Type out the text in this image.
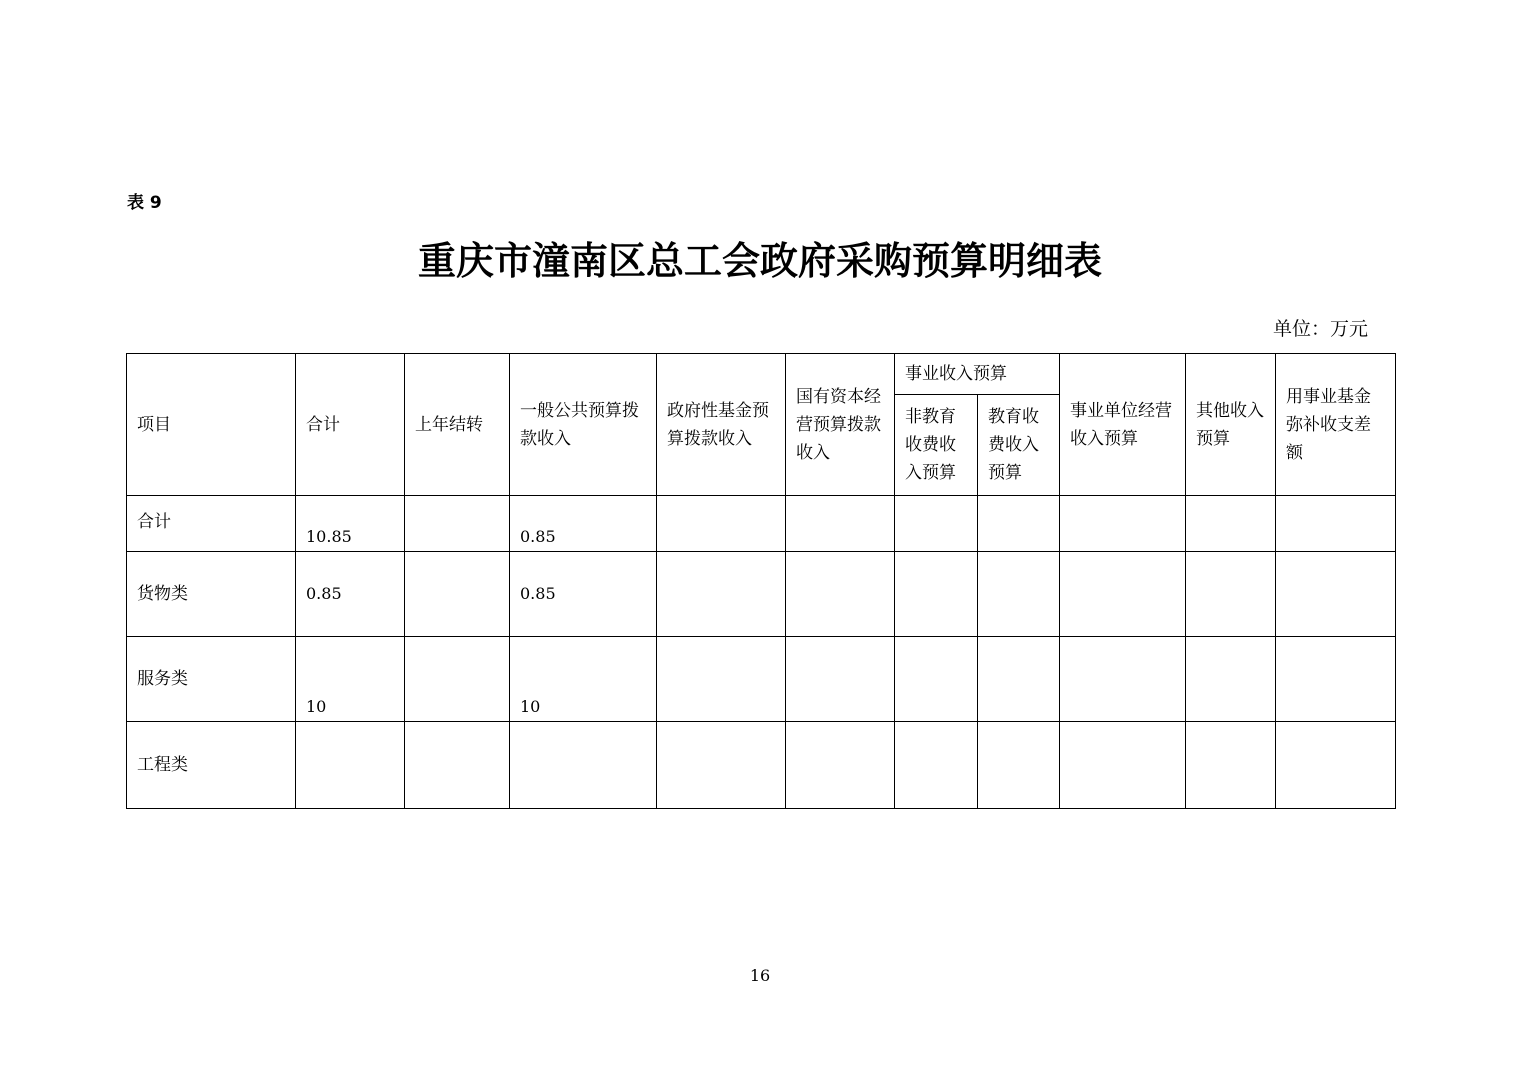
表 9
重庆市潼南区总工会政府采购预算明细表
单位：万元
项目	合计	上年结转	一般公共预算拨款收入	政府性基金预算拨款收入	国有资本经营预算拨款收入	事业收入预算		事业单位经营收入预算	其他收入预算	用事业基金弥补收支差额
						非教育收费收入预算	教育收费收入预算			
合计	10.85		0.85							
货物类	0.85		0.85							
服务类	10		10							
工程类										
16
